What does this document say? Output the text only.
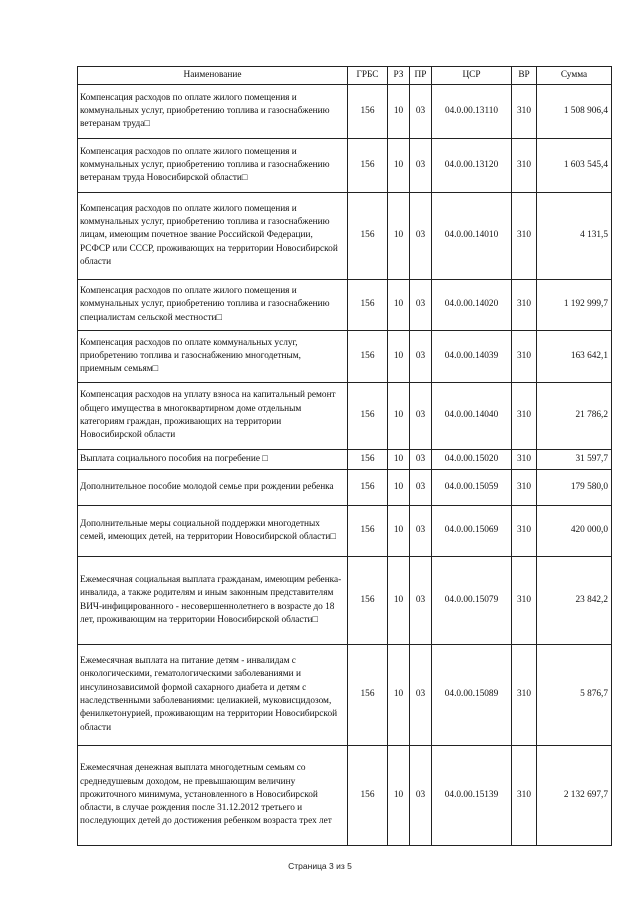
Наименование	ГРБС	РЗ	ПР	ЦСР	ВР	Сумма
Компенсация расходов по оплате жилого помещения и коммунальных услуг, приобретению топлива и газоснабжению ветеранам труда□	156	10	03	04.0.00.13110	310	1 508 906,4
Компенсация расходов по оплате жилого помещения и коммунальных услуг, приобретению топлива и газоснабжению ветеранам труда Новосибирской области□	156	10	03	04.0.00.13120	310	1 603 545,4
Компенсация расходов по оплате жилого помещения и коммунальных услуг, приобретению топлива и газоснабжению лицам, имеющим почетное звание Российской Федерации, РСФСР или СССР, проживающих на территории Новосибирской области	156	10	03	04.0.00.14010	310	4 131,5
Компенсация расходов по оплате жилого помещения и коммунальных услуг, приобретению топлива и газоснабжению специалистам сельской местности□	156	10	03	04.0.00.14020	310	1 192 999,7
Компенсация расходов по оплате коммунальных услуг, приобретению топлива и газоснабжению многодетным, приемным семьям□	156	10	03	04.0.00.14039	310	163 642,1
Компенсация расходов на уплату взноса на капитальный ремонт общего имущества в многоквартирном доме отдельным категориям граждан, проживающих на территории Новосибирской области	156	10	03	04.0.00.14040	310	21 786,2
Выплата социального пособия на погребение □	156	10	03	04.0.00.15020	310	31 597,7
Дополнительное пособие молодой семье при рождении ребенка	156	10	03	04.0.00.15059	310	179 580,0
Дополнительные меры социальной поддержки многодетных семей, имеющих детей, на территории Новосибирской области□	156	10	03	04.0.00.15069	310	420 000,0
Ежемесячная социальная выплата гражданам, имеющим ребенка-инвалида, а также родителям и иным законным представителям ВИЧ-инфицированного - несовершеннолетнего в возрасте до 18 лет, проживающим на территории Новосибирской области□	156	10	03	04.0.00.15079	310	23 842,2
Ежемесячная выплата на питание детям - инвалидам с онкологическими, гематологическими заболеваниями и инсулинозависимой формой сахарного диабета и детям с наследственными заболеваниями: целиакией, муковисцидозом, фенилкетонурией, проживающим на территории Новосибирской области	156	10	03	04.0.00.15089	310	5 876,7
Ежемесячная денежная выплата многодетным семьям со среднедушевым доходом, не превышающим величину прожиточного минимума, установленного в Новосибирской области, в случае рождения после 31.12.2012 третьего и последующих детей до достижения ребенком возраста трех лет	156	10	03	04.0.00.15139	310	2 132 697,7
Страница 3 из 5
